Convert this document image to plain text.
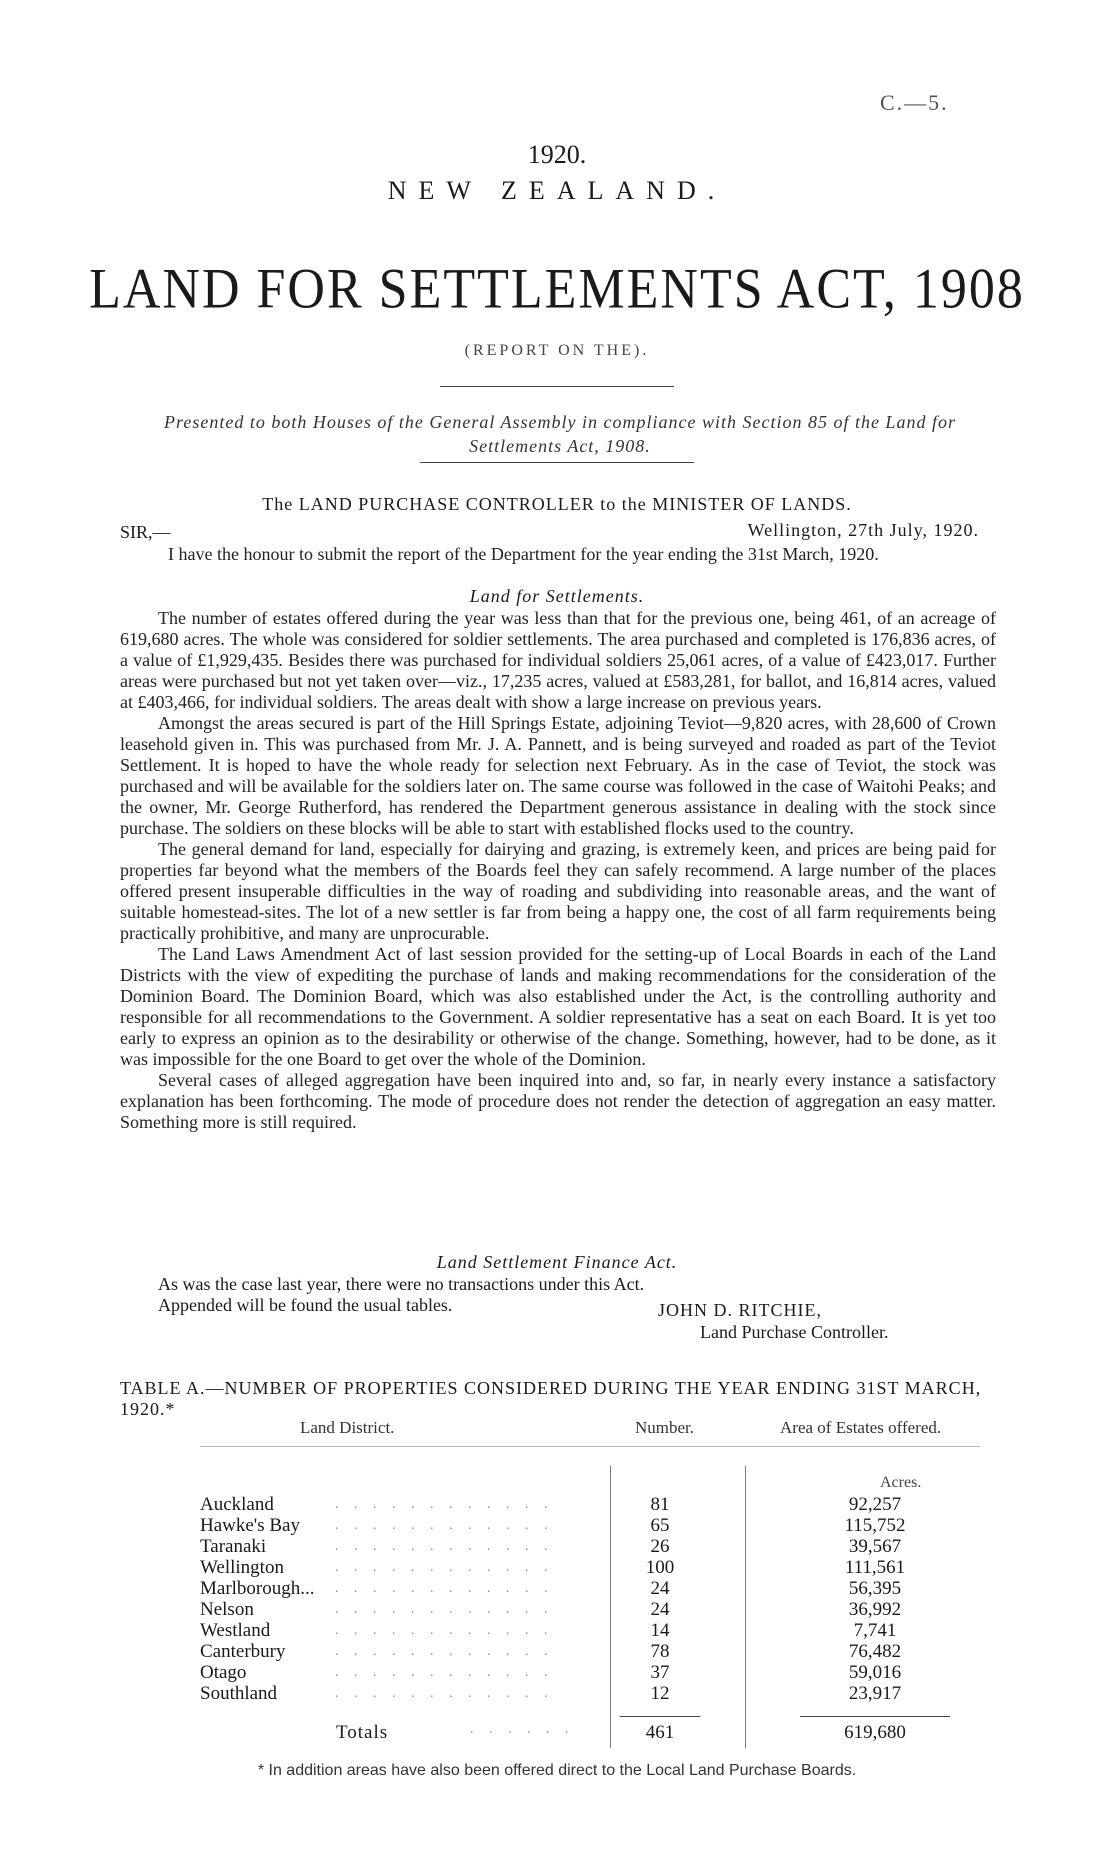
C.—5.
1920.
NEW ZEALAND.
LAND FOR SETTLEMENTS ACT, 1908
(REPORT ON THE).
Presented to both Houses of the General Assembly in compliance with Section 85 of the Land for Settlements Act, 1908.
The LAND PURCHASE CONTROLLER to the MINISTER OF LANDS.
SIR,—	Wellington, 27th July, 1920.

I have the honour to submit the report of the Department for the year ending the 31st March, 1920.

Land for Settlements.

The number of estates offered during the year was less than that for the previous one, being 461, of an acreage of 619,680 acres. The whole was considered for soldier settlements. The area purchased and completed is 176,836 acres, of a value of £1,929,435. Besides there was purchased for individual soldiers 25,061 acres, of a value of £423,017. Further areas were purchased but not yet taken over—viz., 17,235 acres, valued at £583,281, for ballot, and 16,814 acres, valued at £403,466, for individual soldiers. The areas dealt with show a large increase on previous years.

Amongst the areas secured is part of the Hill Springs Estate, adjoining Teviot—9,820 acres, with 28,600 of Crown leasehold given in. This was purchased from Mr. J. A. Pannett, and is being surveyed and roaded as part of the Teviot Settlement. It is hoped to have the whole ready for selection next February. As in the case of Teviot, the stock was purchased and will be available for the soldiers later on. The same course was followed in the case of Waitohi Peaks; and the owner, Mr. George Rutherford, has rendered the Department generous assistance in dealing with the stock since purchase. The soldiers on these blocks will be able to start with established flocks used to the country.

The general demand for land, especially for dairying and grazing, is extremely keen, and prices are being paid for properties far beyond what the members of the Boards feel they can safely recommend. A large number of the places offered present insuperable difficulties in the way of roading and subdividing into reasonable areas, and the want of suitable homestead-sites. The lot of a new settler is far from being a happy one, the cost of all farm requirements being practically prohibitive, and many are unprocurable.

The Land Laws Amendment Act of last session provided for the setting-up of Local Boards in each of the Land Districts with the view of expediting the purchase of lands and making recommendations for the consideration of the Dominion Board. The Dominion Board, which was also established under the Act, is the controlling authority and responsible for all recommendations to the Government. A soldier representative has a seat on each Board. It is yet too early to express an opinion as to the desirability or otherwise of the change. Something, however, had to be done, as it was impossible for the one Board to get over the whole of the Dominion.

Several cases of alleged aggregation have been inquired into and, so far, in nearly every instance a satisfactory explanation has been forthcoming. The mode of procedure does not render the detection of aggregation an easy matter. Something more is still required.

Land Settlement Finance Act.
As was the case last year, there were no transactions under this Act.
Appended will be found the usual tables.	JOHN D. RITCHIE,
Land Purchase Controller.
TABLE A.—NUMBER OF PROPERTIES CONSIDERED DURING THE YEAR ENDING 31ST MARCH, 1920.*
Land District.	Number.	Area of Estates offered.
Acres.
Auckland	. . . . . . . . . . . .	81	92,257
Hawke's Bay	. . . . . . . . . . . .	65	115,752
Taranaki	. . . . . . . . . . . .	26	39,567
Wellington	. . . . . . . . . . . .	100	111,561
Marlborough... . . . . . . . . . . . .	24	56,395
Nelson	. . . . . . . . . . . .	24	36,992
Westland	. . . . . . . . . . . .	14	7,741
Canterbury	. . . . . . . . . . . .	78	76,482
Otago	. . . . . . . . . . . .	37	59,016
Southland	. . . . . . . . . . . .	12	23,917
Totals	. . . . . .	461	619,680
* In addition areas have also been offered direct to the Local Land Purchase Boards.
